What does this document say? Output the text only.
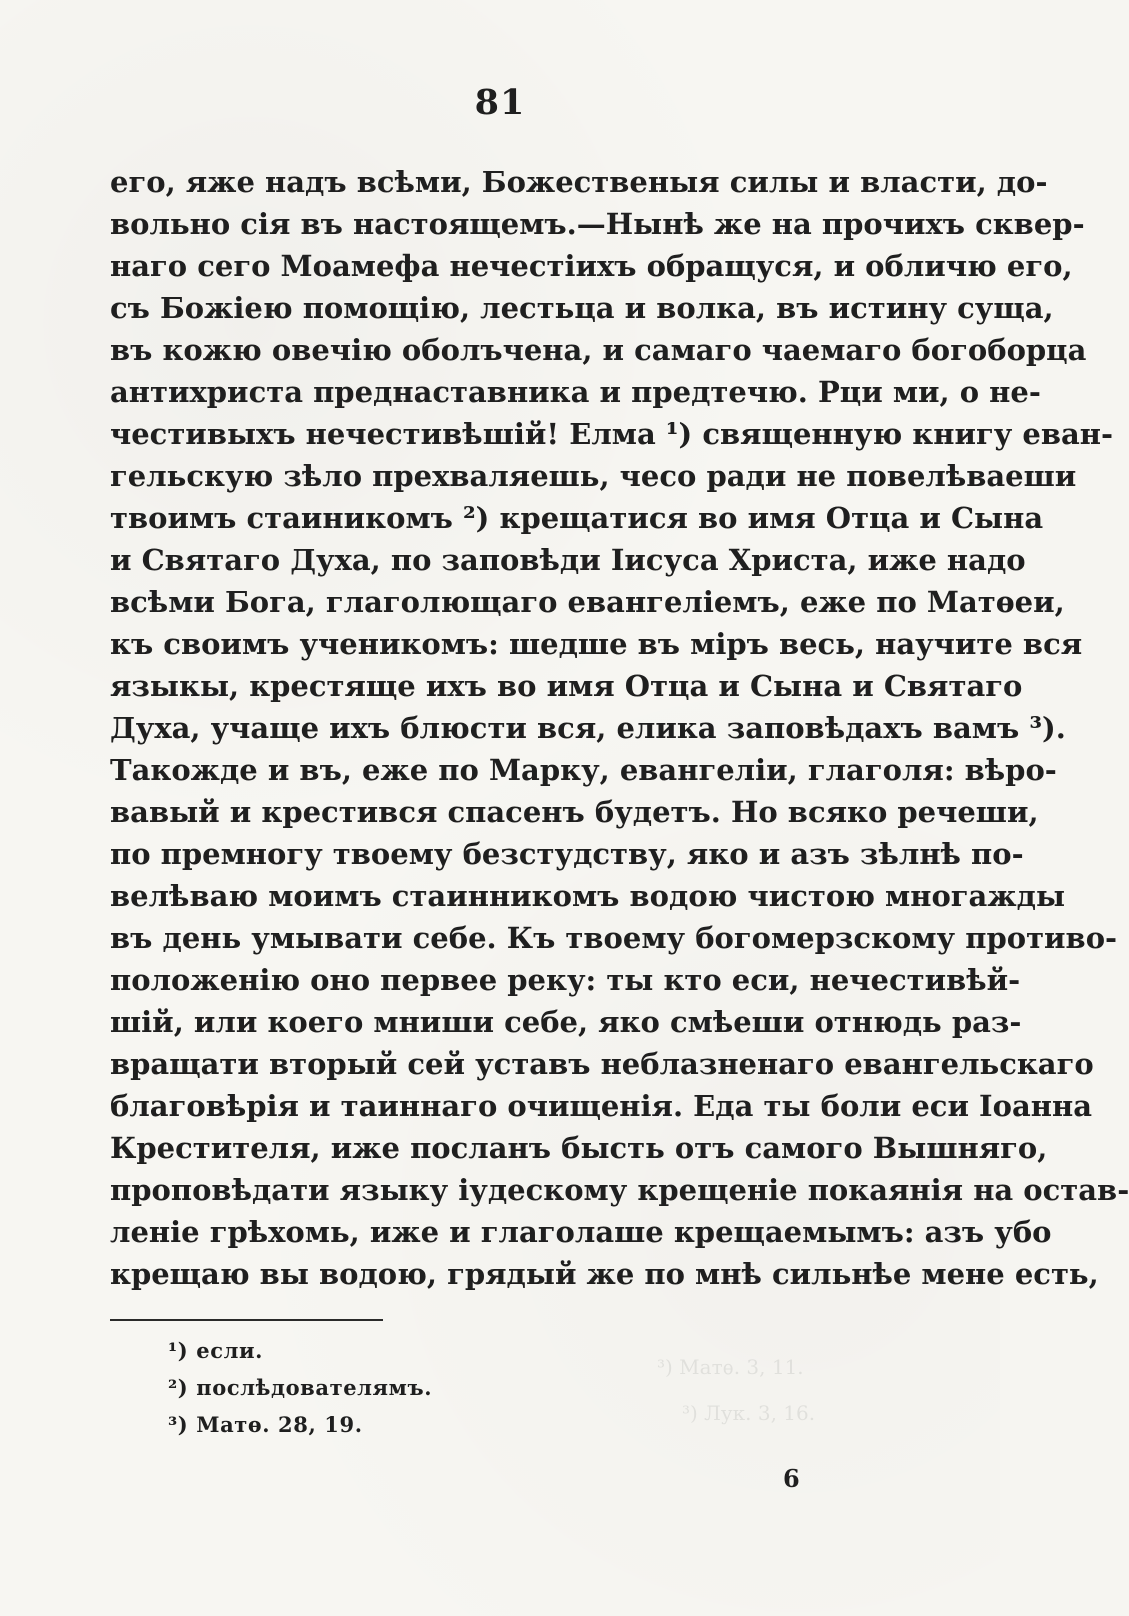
81
его, яже надъ всѣми, Божественыя силы и власти, до-
вольно сія въ настоящемъ.—Нынѣ же на прочихъ сквер-
наго сего Моамефа нечестіихъ обращуся, и обличю его,
съ Божіею помощію, лестьца и волка, въ истину суща,
въ кожю овечію оболъчена, и самаго чаемаго богоборца
антихриста преднаставника и предтечю. Рци ми, о не-
честивыхъ нечестивѣшій! Елма ¹) священную книгу еван-
гельскую зѣло прехваляешь, чесо ради не повелѣваеши
твоимъ стаиникомъ ²) крещатися во имя Отца и Сына
и Святаго Духа, по заповѣди Іисуса Христа, иже надо
всѣми Бога, глаголющаго евангеліемъ, еже по Матѳеи,
къ своимъ ученикомъ: шедше въ міръ весь, научите вся
языкы, крестяще ихъ во имя Отца и Сына и Святаго
Духа, учаще ихъ блюсти вся, елика заповѣдахъ вамъ ³).
Такожде и въ, еже по Марку, евангеліи, глаголя: вѣро-
вавый и крестився спасенъ будетъ. Но всяко речеши,
по премногу твоему безстудству, яко и азъ зѣлнѣ по-
велѣваю моимъ стаинникомъ водою чистою многажды
въ день умывати себе. Къ твоему богомерзскому противо-
положенію оно первее реку: ты кто еси, нечестивѣй-
шій, или коего мниши себе, яко смѣеши отнюдь раз-
вращати вторый сей уставъ неблазненаго евангельскаго
благовѣрія и таиннаго очищенія. Еда ты боли еси Іоанна
Крестителя, иже посланъ бысть отъ самого Вышняго,
проповѣдати языку іудескому крещеніе покаянія на остав-
леніе грѣхомь, иже и глаголаше крещаемымъ: азъ убо
крещаю вы водою, грядый же по мнѣ сильнѣе мене есть,
¹) если.
²) послѣдователямъ.
³) Матѳ. 28, 19.
³) Матѳ. 3, 11.
³) Лук. 3, 16.
6
